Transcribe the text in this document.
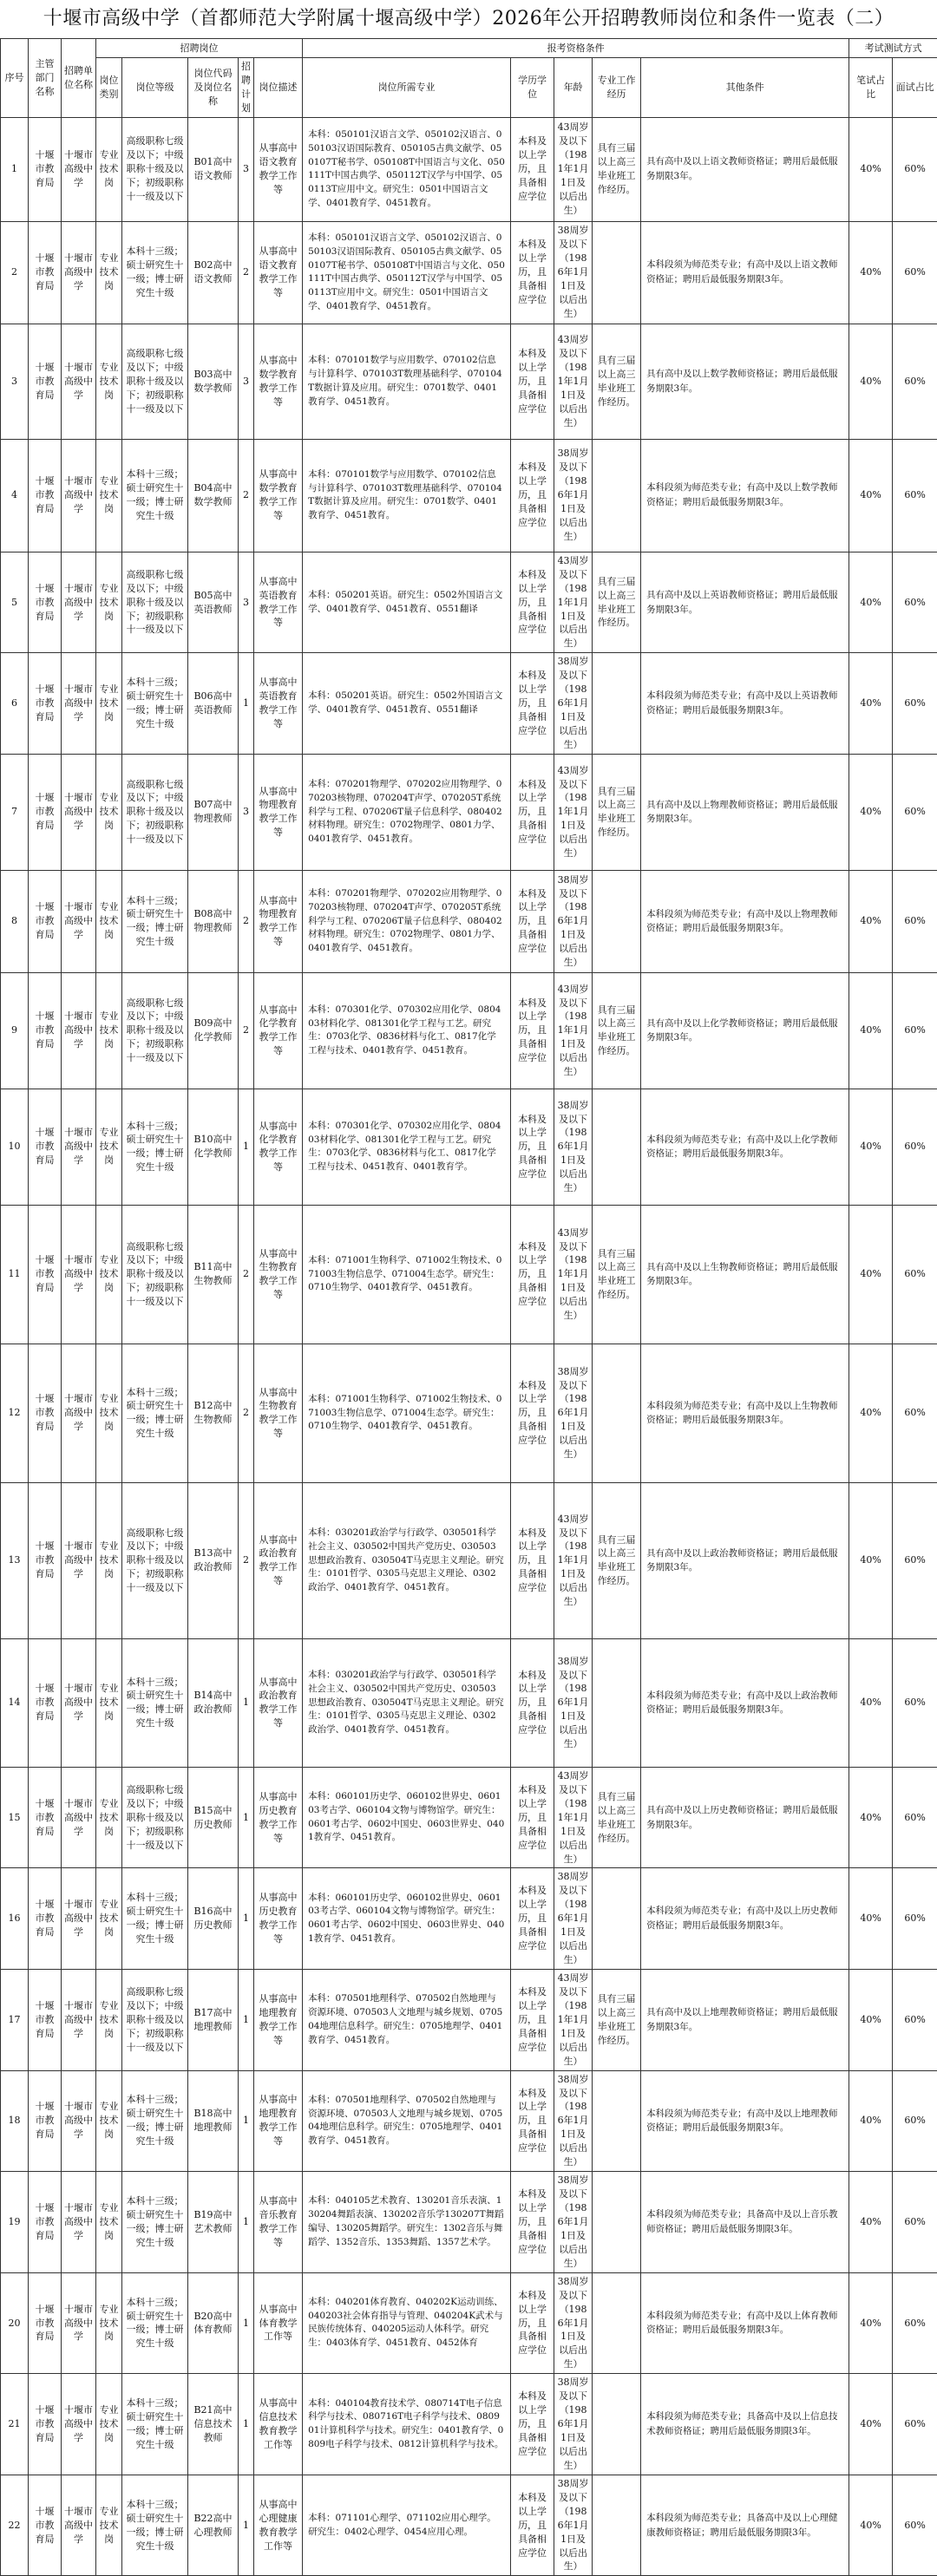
十堰市高级中学（首都师范大学附属十堰高级中学）2026年公开招聘教师岗位和条件一览表（二）
序号	主管部门名称	招聘单位名称	招聘岗位					报考资格条件					考试测试方式	
			岗位类别	岗位等级	岗位代码及岗位名称	招聘计划	岗位描述	岗位所需专业	学历学位	年龄	专业工作经历	其他条件	笔试占比	面试占比
1	十堰市教育局	十堰市高级中学	专业技术岗	高级职称七级及以下；中级职称十级及以下；初级职称十一级及以下	B01高中语文教师	3	从事高中语文教育教学工作等	本科：050101汉语言文学、050102汉语言、050103汉语国际教育、050105古典文献学、050107T秘书学、050108T中国语言与文化、050111T中国古典学、050112T汉学与中国学、050113T应用中文。研究生：0501中国语言文学、0401教育学、0451教育。	本科及以上学历，且具备相应学位	43周岁及以下（1981年1月1日及以后出生）	具有三届以上高三毕业班工作经历。	具有高中及以上语文教师资格证；聘用后最低服务期限3年。	40%	60%
2	十堰市教育局	十堰市高级中学	专业技术岗	本科十三级；硕士研究生十一级；博士研究生十级	B02高中语文教师	2	从事高中语文教育教学工作等	本科：050101汉语言文学、050102汉语言、050103汉语国际教育、050105古典文献学、050107T秘书学、050108T中国语言与文化、050111T中国古典学、050112T汉学与中国学、050113T应用中文。研究生：0501中国语言文学、0401教育学、0451教育。	本科及以上学历，且具备相应学位	38周岁及以下（1986年1月1日及以后出生）		本科段须为师范类专业；有高中及以上语文教师资格证；聘用后最低服务期限3年。	40%	60%
3	十堰市教育局	十堰市高级中学	专业技术岗	高级职称七级及以下；中级职称十级及以下；初级职称十一级及以下	B03高中数学教师	3	从事高中数学教育教学工作等	本科：070101数学与应用数学、070102信息与计算科学、070103T数理基础科学、070104T数据计算及应用。研究生：0701数学、0401教育学、0451教育。	本科及以上学历，且具备相应学位	43周岁及以下（1981年1月1日及以后出生）	具有三届以上高三毕业班工作经历。	具有高中及以上数学教师资格证；聘用后最低服务期限3年。	40%	60%
4	十堰市教育局	十堰市高级中学	专业技术岗	本科十三级；硕士研究生十一级；博士研究生十级	B04高中数学教师	2	从事高中数学教育教学工作等	本科：070101数学与应用数学、070102信息与计算科学、070103T数理基础科学、070104T数据计算及应用。研究生：0701数学、0401教育学、0451教育。	本科及以上学历，且具备相应学位	38周岁及以下（1986年1月1日及以后出生）		本科段须为师范类专业；有高中及以上数学教师资格证；聘用后最低服务期限3年。	40%	60%
5	十堰市教育局	十堰市高级中学	专业技术岗	高级职称七级及以下；中级职称十级及以下；初级职称十一级及以下	B05高中英语教师	3	从事高中英语教育教学工作等	本科：050201英语。研究生：0502外国语言文学、0401教育学、0451教育、0551翻译	本科及以上学历，且具备相应学位	43周岁及以下（1981年1月1日及以后出生）	具有三届以上高三毕业班工作经历。	具有高中及以上英语教师资格证；聘用后最低服务期限3年。	40%	60%
6	十堰市教育局	十堰市高级中学	专业技术岗	本科十三级；硕士研究生十一级；博士研究生十级	B06高中英语教师	1	从事高中英语教育教学工作等	本科：050201英语。研究生：0502外国语言文学、0401教育学、0451教育、0551翻译	本科及以上学历，且具备相应学位	38周岁及以下（1986年1月1日及以后出生）		本科段须为师范类专业；有高中及以上英语教师资格证；聘用后最低服务期限3年。	40%	60%
7	十堰市教育局	十堰市高级中学	专业技术岗	高级职称七级及以下；中级职称十级及以下；初级职称十一级及以下	B07高中物理教师	3	从事高中物理教育教学工作等	本科：070201物理学、070202应用物理学、070203核物理、070204T声学、070205T系统科学与工程、070206T量子信息科学、080402材料物理。研究生：0702物理学、0801力学、0401教育学、0451教育。	本科及以上学历，且具备相应学位	43周岁及以下（1981年1月1日及以后出生）	具有三届以上高三毕业班工作经历。	具有高中及以上物理教师资格证；聘用后最低服务期限3年。	40%	60%
8	十堰市教育局	十堰市高级中学	专业技术岗	本科十三级；硕士研究生十一级；博士研究生十级	B08高中物理教师	2	从事高中物理教育教学工作等	本科：070201物理学、070202应用物理学、070203核物理、070204T声学、070205T系统科学与工程、070206T量子信息科学、080402材料物理。研究生：0702物理学、0801力学、0401教育学、0451教育。	本科及以上学历，且具备相应学位	38周岁及以下（1986年1月1日及以后出生）		本科段须为师范类专业；有高中及以上物理教师资格证；聘用后最低服务期限3年。	40%	60%
9	十堰市教育局	十堰市高级中学	专业技术岗	高级职称七级及以下；中级职称十级及以下；初级职称十一级及以下	B09高中化学教师	2	从事高中化学教育教学工作等	本科：070301化学、070302应用化学、080403材料化学、081301化学工程与工艺。研究生：0703化学、0836材料与化工、0817化学工程与技术、0401教育学、0451教育。	本科及以上学历，且具备相应学位	43周岁及以下（1981年1月1日及以后出生）	具有三届以上高三毕业班工作经历。	具有高中及以上化学教师资格证；聘用后最低服务期限3年。	40%	60%
10	十堰市教育局	十堰市高级中学	专业技术岗	本科十三级；硕士研究生十一级；博士研究生十级	B10高中化学教师	1	从事高中化学教育教学工作等	本科：070301化学、070302应用化学、080403材料化学、081301化学工程与工艺。研究生：0703化学、0836材料与化工、0817化学工程与技术、0451教育、0401教育学。	本科及以上学历，且具备相应学位	38周岁及以下（1986年1月1日及以后出生）		本科段须为师范类专业；有高中及以上化学教师资格证；聘用后最低服务期限3年。	40%	60%
11	十堰市教育局	十堰市高级中学	专业技术岗	高级职称七级及以下；中级职称十级及以下；初级职称十一级及以下	B11高中生物教师	2	从事高中生物教育教学工作等	本科：071001生物科学、071002生物技术、071003生物信息学、071004生态学。研究生：0710生物学、0401教育学、0451教育。	本科及以上学历，且具备相应学位	43周岁及以下（1981年1月1日及以后出生）	具有三届以上高三毕业班工作经历。	具有高中及以上生物教师资格证；聘用后最低服务期限3年。	40%	60%
12	十堰市教育局	十堰市高级中学	专业技术岗	本科十三级；硕士研究生十一级；博士研究生十级	B12高中生物教师	2	从事高中生物教育教学工作等	本科：071001生物科学、071002生物技术、071003生物信息学、071004生态学。研究生：0710生物学、0401教育学、0451教育。	本科及以上学历，且具备相应学位	38周岁及以下（1986年1月1日及以后出生）		本科段须为师范类专业；有高中及以上生物教师资格证；聘用后最低服务期限3年。	40%	60%
13	十堰市教育局	十堰市高级中学	专业技术岗	高级职称七级及以下；中级职称十级及以下；初级职称十一级及以下	B13高中政治教师	2	从事高中政治教育教学工作等	本科：030201政治学与行政学、030501科学社会主义、030502中国共产党历史、030503思想政治教育、030504T马克思主义理论。研究生：0101哲学、0305马克思主义理论、0302政治学、0401教育学、0451教育。	本科及以上学历，且具备相应学位	43周岁及以下（1981年1月1日及以后出生）	具有三届以上高三毕业班工作经历。	具有高中及以上政治教师资格证；聘用后最低服务期限3年。	40%	60%
14	十堰市教育局	十堰市高级中学	专业技术岗	本科十三级；硕士研究生十一级；博士研究生十级	B14高中政治教师	1	从事高中政治教育教学工作等	本科：030201政治学与行政学、030501科学社会主义、030502中国共产党历史、030503思想政治教育、030504T马克思主义理论。研究生：0101哲学、0305马克思主义理论、0302政治学、0401教育学、0451教育。	本科及以上学历，且具备相应学位	38周岁及以下（1986年1月1日及以后出生）		本科段须为师范类专业；有高中及以上政治教师资格证；聘用后最低服务期限3年。	40%	60%
15	十堰市教育局	十堰市高级中学	专业技术岗	高级职称七级及以下；中级职称十级及以下；初级职称十一级及以下	B15高中历史教师	1	从事高中历史教育教学工作等	本科：060101历史学、060102世界史、060103考古学、060104文物与博物馆学。研究生：0601考古学、0602中国史、0603世界史、0401教育学、0451教育。	本科及以上学历，且具备相应学位	43周岁及以下（1981年1月1日及以后出生）	具有三届以上高三毕业班工作经历。	具有高中及以上历史教师资格证；聘用后最低服务期限3年。	40%	60%
16	十堰市教育局	十堰市高级中学	专业技术岗	本科十三级；硕士研究生十一级；博士研究生十级	B16高中历史教师	1	从事高中历史教育教学工作等	本科：060101历史学、060102世界史、060103考古学、060104文物与博物馆学。研究生：0601考古学、0602中国史、0603世界史、0401教育学、0451教育。	本科及以上学历，且具备相应学位	38周岁及以下（1986年1月1日及以后出生）		本科段须为师范类专业；有高中及以上历史教师资格证；聘用后最低服务期限3年。	40%	60%
17	十堰市教育局	十堰市高级中学	专业技术岗	高级职称七级及以下；中级职称十级及以下；初级职称十一级及以下	B17高中地理教师	1	从事高中地理教育教学工作等	本科：070501地理科学、070502自然地理与资源环境、070503人文地理与城乡规划、070504地理信息科学。研究生：0705地理学、0401教育学、0451教育。	本科及以上学历，且具备相应学位	43周岁及以下（1981年1月1日及以后出生）	具有三届以上高三毕业班工作经历。	具有高中及以上地理教师资格证；聘用后最低服务期限3年。	40%	60%
18	十堰市教育局	十堰市高级中学	专业技术岗	本科十三级；硕士研究生十一级；博士研究生十级	B18高中地理教师	1	从事高中地理教育教学工作等	本科：070501地理科学、070502自然地理与资源环境、070503人文地理与城乡规划、070504地理信息科学。研究生：0705地理学、0401教育学、0451教育。	本科及以上学历，且具备相应学位	38周岁及以下（1986年1月1日及以后出生）		本科段须为师范类专业；有高中及以上地理教师资格证；聘用后最低服务期限3年。	40%	60%
19	十堰市教育局	十堰市高级中学	专业技术岗	本科十三级；硕士研究生十一级；博士研究生十级	B19高中艺术教师	1	从事高中音乐教育教学工作等	本科：040105艺术教育、130201音乐表演、130204舞蹈表演、130202音乐学130207T舞蹈编导、130205舞蹈学。研究生：1302音乐与舞蹈学、1352音乐、1353舞蹈、1357艺术学。	本科及以上学历，且具备相应学位	38周岁及以下（1986年1月1日及以后出生）		本科段须为师范类专业；具备高中及以上音乐教师资格证；聘用后最低服务期限3年。	40%	60%
20	十堰市教育局	十堰市高级中学	专业技术岗	本科十三级；硕士研究生十一级；博士研究生十级	B20高中体育教师	1	从事高中体育教学工作等	本科：040201体育教育、040202K运动训练、040203社会体育指导与管理、040204K武术与民族传统体育、040205运动人体科学。研究生：0403体育学、0451教育、0452体育	本科及以上学历，且具备相应学位	38周岁及以下（1986年1月1日及以后出生）		本科段须为师范类专业；有高中及以上体育教师资格证；聘用后最低服务期限3年。	40%	60%
21	十堰市教育局	十堰市高级中学	专业技术岗	本科十三级；硕士研究生十一级；博士研究生十级	B21高中信息技术教师	1	从事高中信息技术教育教学工作等	本科：040104教育技术学、080714T电子信息科学与技术、080716T电子科学与技术、080901计算机科学与技术。研究生：0401教育学、0809电子科学与技术、0812计算机科学与技术。	本科及以上学历，且具备相应学位	38周岁及以下（1986年1月1日及以后出生）		本科段须为师范类专业；具备高中及以上信息技术教师资格证；聘用后最低服务期限3年。	40%	60%
22	十堰市教育局	十堰市高级中学	专业技术岗	本科十三级；硕士研究生十一级；博士研究生十级	B22高中心理教师	1	从事高中心理健康教育教学工作等	本科：071101心理学、071102应用心理学。研究生：0402心理学、0454应用心理。	本科及以上学历，且具备相应学位	38周岁及以下（1986年1月1日及以后出生）		本科段须为师范类专业；具备高中及以上心理健康教师资格证；聘用后最低服务期限3年。	40%	60%
